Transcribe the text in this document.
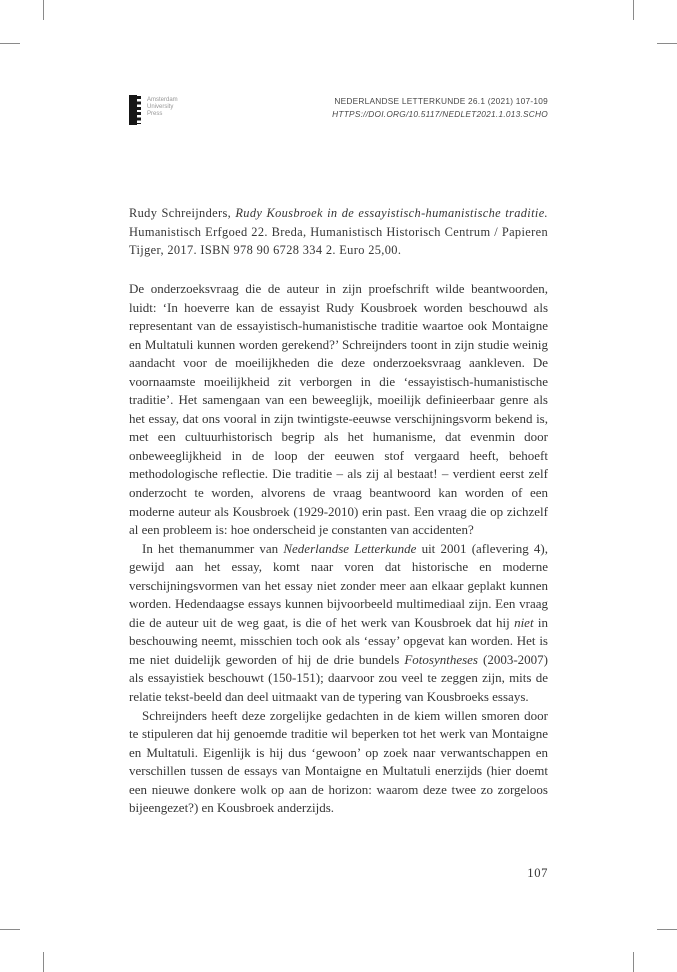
Amsterdam
University
Press
NEDERLANDSE LETTERKUNDE 26.1 (2021) 107-109
HTTPS://DOI.ORG/10.5117/NEDLET2021.1.013.SCHO
Rudy Schreijnders, Rudy Kousbroek in de essayistisch-humanistische traditie. Humanistisch Erfgoed 22. Breda, Humanistisch Historisch Centrum / Papieren Tijger, 2017. ISBN 978 90 6728 334 2. Euro 25,00.

De onderzoeksvraag die de auteur in zijn proefschrift wilde beantwoorden, luidt: ‘In hoeverre kan de essayist Rudy Kousbroek worden beschouwd als representant van de essayistisch-humanistische traditie waartoe ook Montaigne en Multatuli kunnen worden gerekend?’ Schreijnders toont in zijn studie weinig aandacht voor de moeilijkheden die deze onderzoeksvraag aankleven. De voornaamste moeilijkheid zit verborgen in die ‘essayistisch-humanistische traditie’. Het samengaan van een beweeglijk, moeilijk definieerbaar genre als het essay, dat ons vooral in zijn twintigste-eeuwse verschijningsvorm bekend is, met een cultuurhistorisch begrip als het humanisme, dat evenmin door onbeweeglijkheid in de loop der eeuwen stof vergaard heeft, behoeft methodologische reflectie. Die traditie – als zij al bestaat! – verdient eerst zelf onderzocht te worden, alvorens de vraag beantwoord kan worden of een moderne auteur als Kousbroek (1929-2010) erin past. Een vraag die op zichzelf al een probleem is: hoe onderscheid je constanten van accidenten?

In het themanummer van Nederlandse Letterkunde uit 2001 (aflevering 4), gewijd aan het essay, komt naar voren dat historische en moderne verschijningsvormen van het essay niet zonder meer aan elkaar geplakt kunnen worden. Hedendaagse essays kunnen bijvoorbeeld multimediaal zijn. Een vraag die de auteur uit de weg gaat, is die of het werk van Kousbroek dat hij niet in beschouwing neemt, misschien toch ook als ‘essay’ opgevat kan worden. Het is me niet duidelijk geworden of hij de drie bundels Fotosyntheses (2003-2007) als essayistiek beschouwt (150-151); daarvoor zou veel te zeggen zijn, mits de relatie tekst-beeld dan deel uitmaakt van de typering van Kousbroeks essays.

Schreijnders heeft deze zorgelijke gedachten in de kiem willen smoren door te stipuleren dat hij genoemde traditie wil beperken tot het werk van Montaigne en Multatuli. Eigenlijk is hij dus ‘gewoon’ op zoek naar verwantschappen en verschillen tussen de essays van Montaigne en Multatuli enerzijds (hier doemt een nieuwe donkere wolk op aan de horizon: waarom deze twee zo zorgeloos bijeengezet?) en Kousbroek anderzijds.

107
